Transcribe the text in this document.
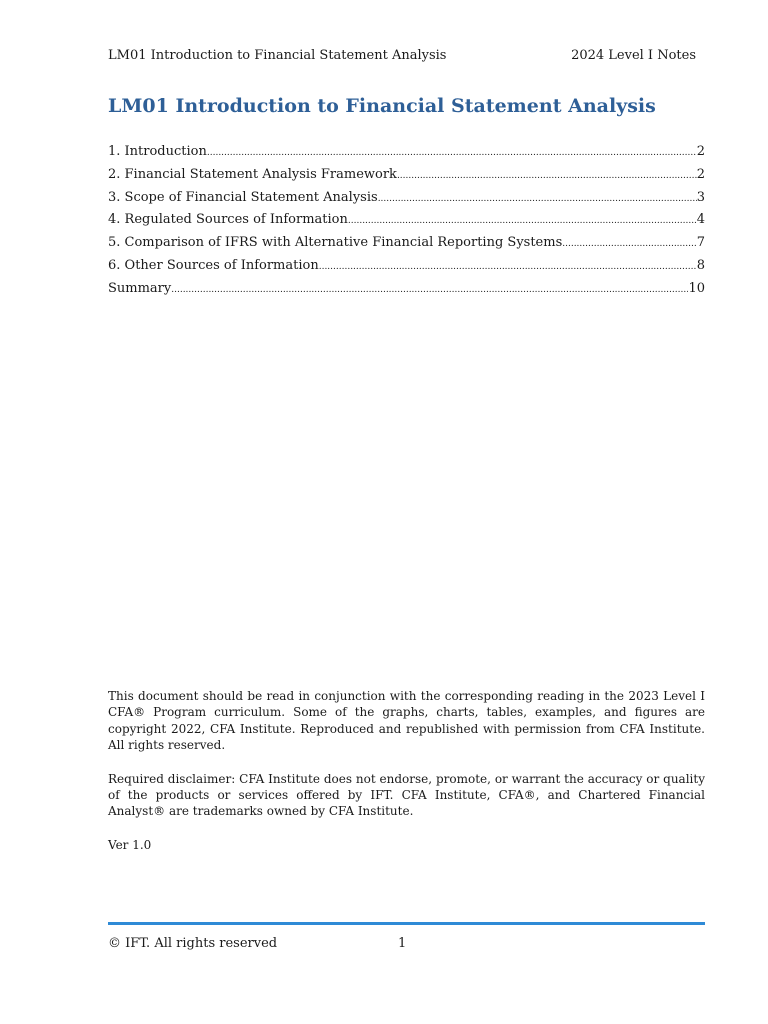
LM01 Introduction to Financial Statement Analysis	2024 Level I Notes
LM01 Introduction to Financial Statement Analysis
1. Introduction .....	2
2. Financial Statement Analysis Framework .....	2
3. Scope of Financial Statement Analysis .....	3
4. Regulated Sources of Information .....	4
5. Comparison of IFRS with Alternative Financial Reporting Systems .....	7
6. Other Sources of Information .....	8
Summary .....	10

This document should be read in conjunction with the corresponding reading in the 2023 Level I CFA® Program curriculum. Some of the graphs, charts, tables, examples, and figures are copyright 2022, CFA Institute. Reproduced and republished with permission from CFA Institute. All rights reserved.

Required disclaimer: CFA Institute does not endorse, promote, or warrant the accuracy or quality of the products or services offered by IFT. CFA Institute, CFA®, and Chartered Financial Analyst® are trademarks owned by CFA Institute.

Ver 1.0

© IFT. All rights reserved	1
